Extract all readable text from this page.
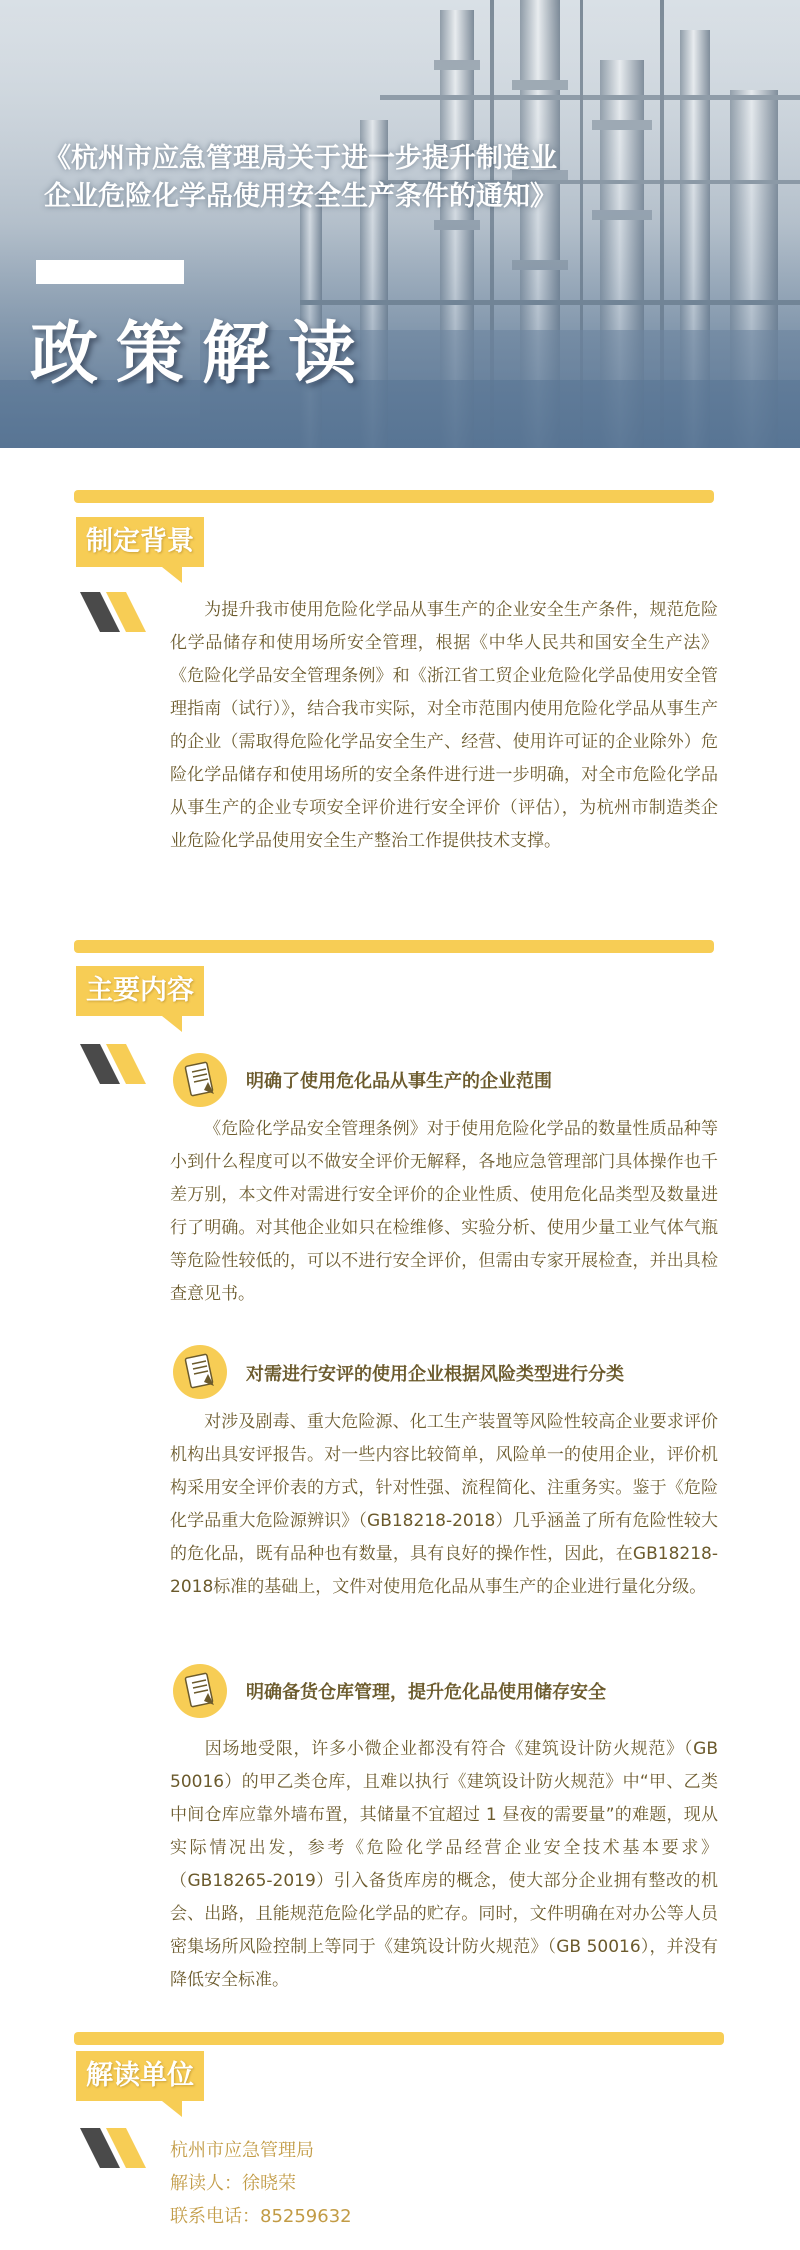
《杭州市应急管理局关于进一步提升制造业
企业危险化学品使用安全生产条件的通知》
政策解读
制定背景
为提升我市使用危险化学品从事生产的企业安全生产条件，规范危险化学品储存和使用场所安全管理，根据《中华人民共和国安全生产法》《危险化学品安全管理条例》和《浙江省工贸企业危险化学品使用安全管理指南（试行）》，结合我市实际，对全市范围内使用危险化学品从事生产的企业（需取得危险化学品安全生产、经营、使用许可证的企业除外）危险化学品储存和使用场所的安全条件进行进一步明确，对全市危险化学品从事生产的企业专项安全评价进行安全评价（评估），为杭州市制造类企业危险化学品使用安全生产整治工作提供技术支撑。
主要内容
明确了使用危化品从事生产的企业范围
《危险化学品安全管理条例》对于使用危险化学品的数量性质品种等小到什么程度可以不做安全评价无解释，各地应急管理部门具体操作也千差万别，本文件对需进行安全评价的企业性质、使用危化品类型及数量进行了明确。对其他企业如只在检维修、实验分析、使用少量工业气体气瓶等危险性较低的，可以不进行安全评价，但需由专家开展检查，并出具检查意见书。
对需进行安评的使用企业根据风险类型进行分类
对涉及剧毒、重大危险源、化工生产装置等风险性较高企业要求评价机构出具安评报告。对一些内容比较简单，风险单一的使用企业，评价机构采用安全评价表的方式，针对性强、流程简化、注重务实。鉴于《危险化学品重大危险源辨识》（GB18218-2018）几乎涵盖了所有危险性较大的危化品，既有品种也有数量，具有良好的操作性，因此，在GB18218-2018标准的基础上，文件对使用危化品从事生产的企业进行量化分级。
明确备货仓库管理，提升危化品使用储存安全
因场地受限，许多小微企业都没有符合《建筑设计防火规范》（GB 50016）的甲乙类仓库，且难以执行《建筑设计防火规范》中“甲、乙类中间仓库应靠外墙布置，其储量不宜超过 1 昼夜的需要量”的难题，现从实际情况出发，参考《危险化学品经营企业安全技术基本要求》（GB18265-2019）引入备货库房的概念，使大部分企业拥有整改的机会、出路，且能规范危险化学品的贮存。同时，文件明确在对办公等人员密集场所风险控制上等同于《建筑设计防火规范》（GB 50016），并没有降低安全标准。
解读单位
杭州市应急管理局
解读人：徐晓荣
联系电话：85259632
